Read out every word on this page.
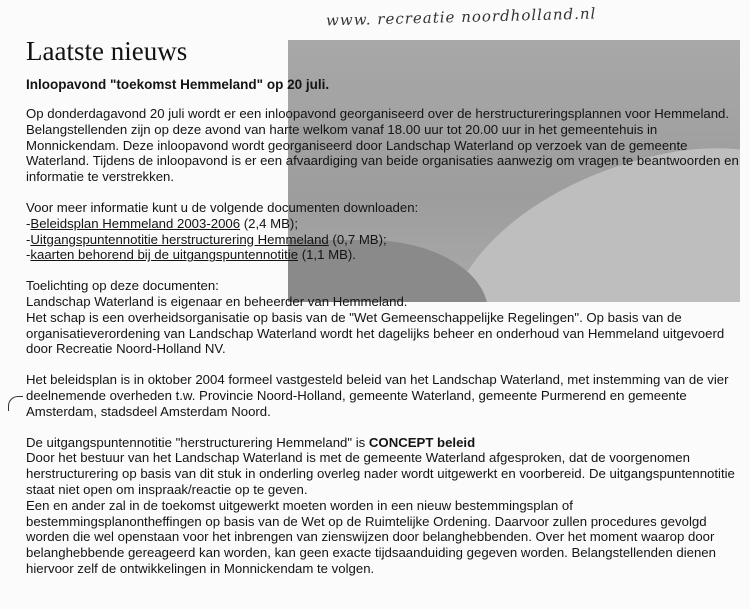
www. recreatie noordholland.nl
Laatste nieuws
Inloopavond "toekomst Hemmeland" op 20 juli.

Op donderdagavond 20 juli wordt er een inloopavond georganiseerd over de herstructureringsplannen voor Hemmeland.
Belangstellenden zijn op deze avond van harte welkom vanaf 18.00 uur tot 20.00 uur in het gemeentehuis in
Monnickendam. Deze inloopavond wordt georganiseerd door Landschap Waterland op verzoek van de gemeente
Waterland. Tijdens de inloopavond is er een afvaardiging van beide organisaties aanwezig om vragen te beantwoorden en
informatie te verstrekken.

Voor meer informatie kunt u de volgende documenten downloaden:
-Beleidsplan Hemmeland 2003-2006 (2,4 MB);
-Uitgangspuntennotitie herstructurering Hemmeland (0,7 MB);
-kaarten behorend bij de uitgangspuntennotitie (1,1 MB).

Toelichting op deze documenten:
Landschap Waterland is eigenaar en beheerder van Hemmeland.
Het schap is een overheidsorganisatie op basis van de "Wet Gemeenschappelijke Regelingen". Op basis van de
organisatieverordening van Landschap Waterland wordt het dagelijks beheer en onderhoud van Hemmeland uitgevoerd
door Recreatie Noord-Holland NV.

Het beleidsplan is in oktober 2004 formeel vastgesteld beleid van het Landschap Waterland, met instemming van de vier
deelnemende overheden t.w. Provincie Noord-Holland, gemeente Waterland, gemeente Purmerend en gemeente
Amsterdam, stadsdeel Amsterdam Noord.

De uitgangspuntennotitie "herstructurering Hemmeland" is CONCEPT beleid
Door het bestuur van het Landschap Waterland is met de gemeente Waterland afgesproken, dat de voorgenomen
herstructurering op basis van dit stuk in onderling overleg nader wordt uitgewerkt en voorbereid. De uitgangspuntennotitie
staat niet open om inspraak/reactie op te geven.
Een en ander zal in de toekomst uitgewerkt moeten worden in een nieuw bestemmingsplan of
bestemmingsplanontheffingen op basis van de Wet op de Ruimtelijke Ordening. Daarvoor zullen procedures gevolgd
worden die wel openstaan voor het inbrengen van zienswijzen door belanghebbenden. Over het moment waarop door
belanghebbende gereageerd kan worden, kan geen exacte tijdsaanduiding gegeven worden. Belangstellenden dienen
hiervoor zelf de ontwikkelingen in Monnickendam te volgen.
